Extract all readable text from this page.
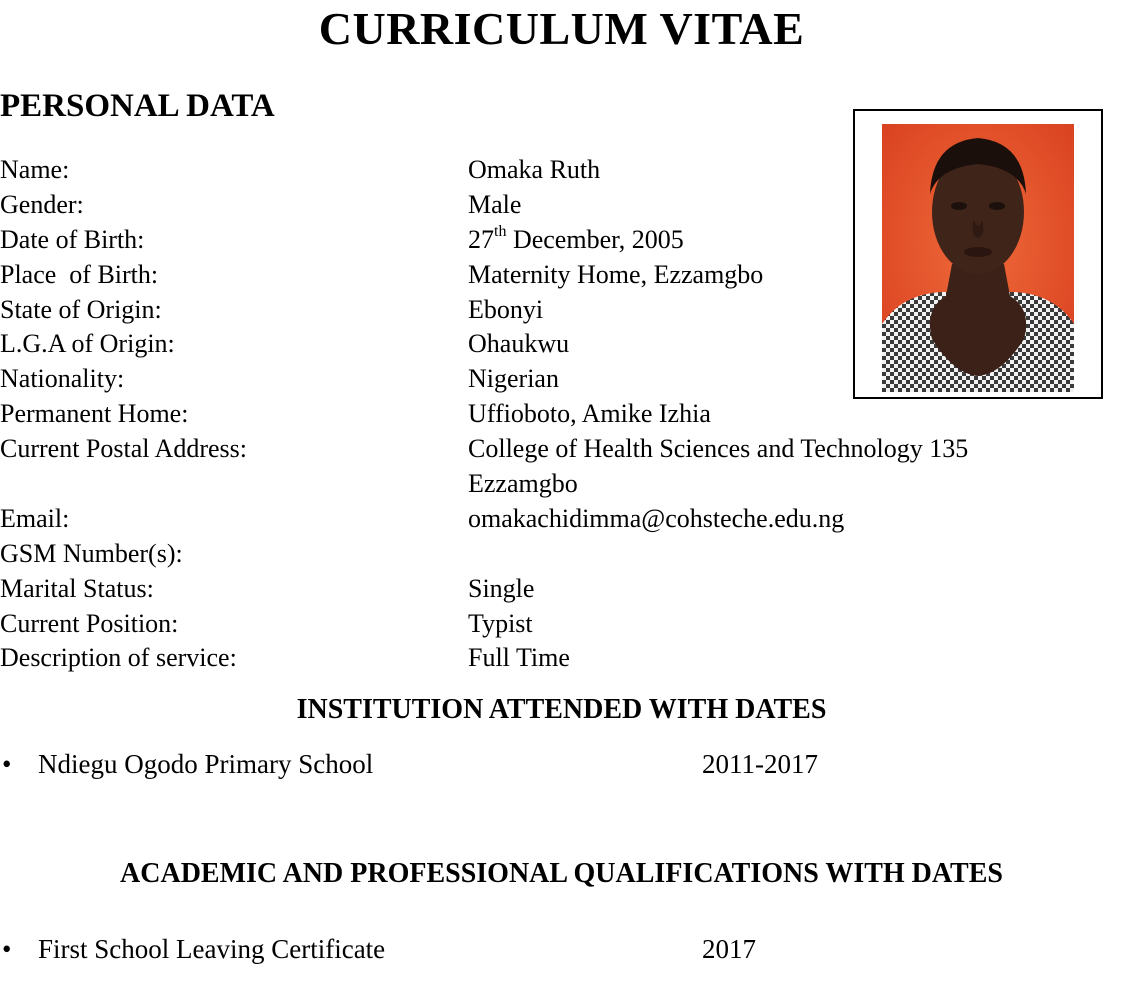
CURRICULUM VITAE
PERSONAL DATA
Name:	Omaka Ruth
Gender:	Male
Date of Birth:	27th December, 2005
Place  of Birth:	Maternity Home, Ezzamgbo
State of Origin:	Ebonyi
L.G.A of Origin:	Ohaukwu
Nationality:	Nigerian
Permanent Home:	Uffioboto, Amike Izhia
Current Postal Address:	College of Health Sciences and Technology 135
Ezzamgbo
Email:	omakachidimma@cohsteche.edu.ng
GSM Number(s):
Marital Status:	Single
Current Position:	Typist
Description of service:	Full Time
INSTITUTION ATTENDED WITH DATES
• Ndiegu Ogodo Primary School	2011-2017
ACADEMIC AND PROFESSIONAL QUALIFICATIONS WITH DATES
• First School Leaving Certificate	2017
